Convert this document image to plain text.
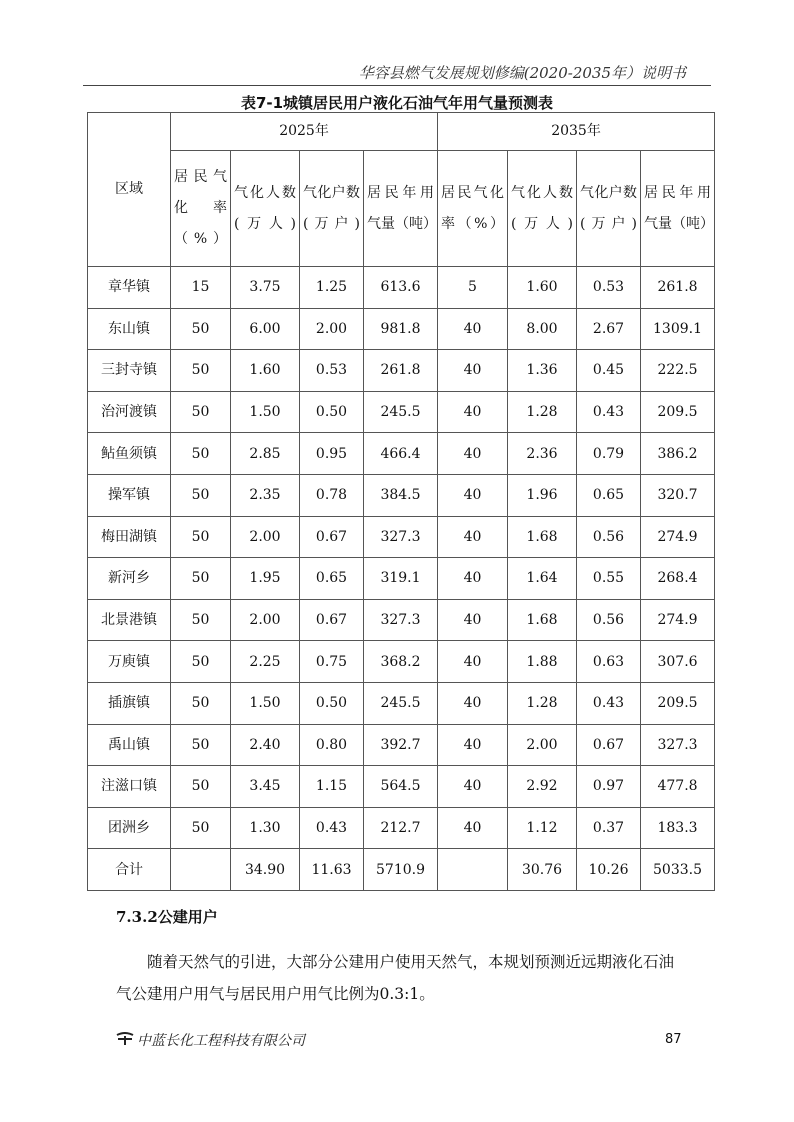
华容县燃气发展规划修编(2020-2035年）说明书
表7-1城镇居民用户液化石油气年用气量预测表
区域	2025年				2035年			
	居民气化率（%）	气化人数(万人)	气化户数(万户)	居民年用气量（吨）	居民气化率（%）	气化人数(万人)	气化户数(万户)	居民年用气量（吨）
章华镇	15	3.75	1.25	613.6	5	1.60	0.53	261.8
东山镇	50	6.00	2.00	981.8	40	8.00	2.67	1309.1
三封寺镇	50	1.60	0.53	261.8	40	1.36	0.45	222.5
治河渡镇	50	1.50	0.50	245.5	40	1.28	0.43	209.5
鲇鱼须镇	50	2.85	0.95	466.4	40	2.36	0.79	386.2
操军镇	50	2.35	0.78	384.5	40	1.96	0.65	320.7
梅田湖镇	50	2.00	0.67	327.3	40	1.68	0.56	274.9
新河乡	50	1.95	0.65	319.1	40	1.64	0.55	268.4
北景港镇	50	2.00	0.67	327.3	40	1.68	0.56	274.9
万庾镇	50	2.25	0.75	368.2	40	1.88	0.63	307.6
插旗镇	50	1.50	0.50	245.5	40	1.28	0.43	209.5
禹山镇	50	2.40	0.80	392.7	40	2.00	0.67	327.3
注滋口镇	50	3.45	1.15	564.5	40	2.92	0.97	477.8
团洲乡	50	1.30	0.43	212.7	40	1.12	0.37	183.3
合计		34.90	11.63	5710.9		30.76	10.26	5033.5
7.3.2公建用户
随着天然气的引进，大部分公建用户使用天然气，本规划预测近远期液化石油气公建用户用气与居民用户用气比例为0.3:1。
中蓝长化工程科技有限公司	87
